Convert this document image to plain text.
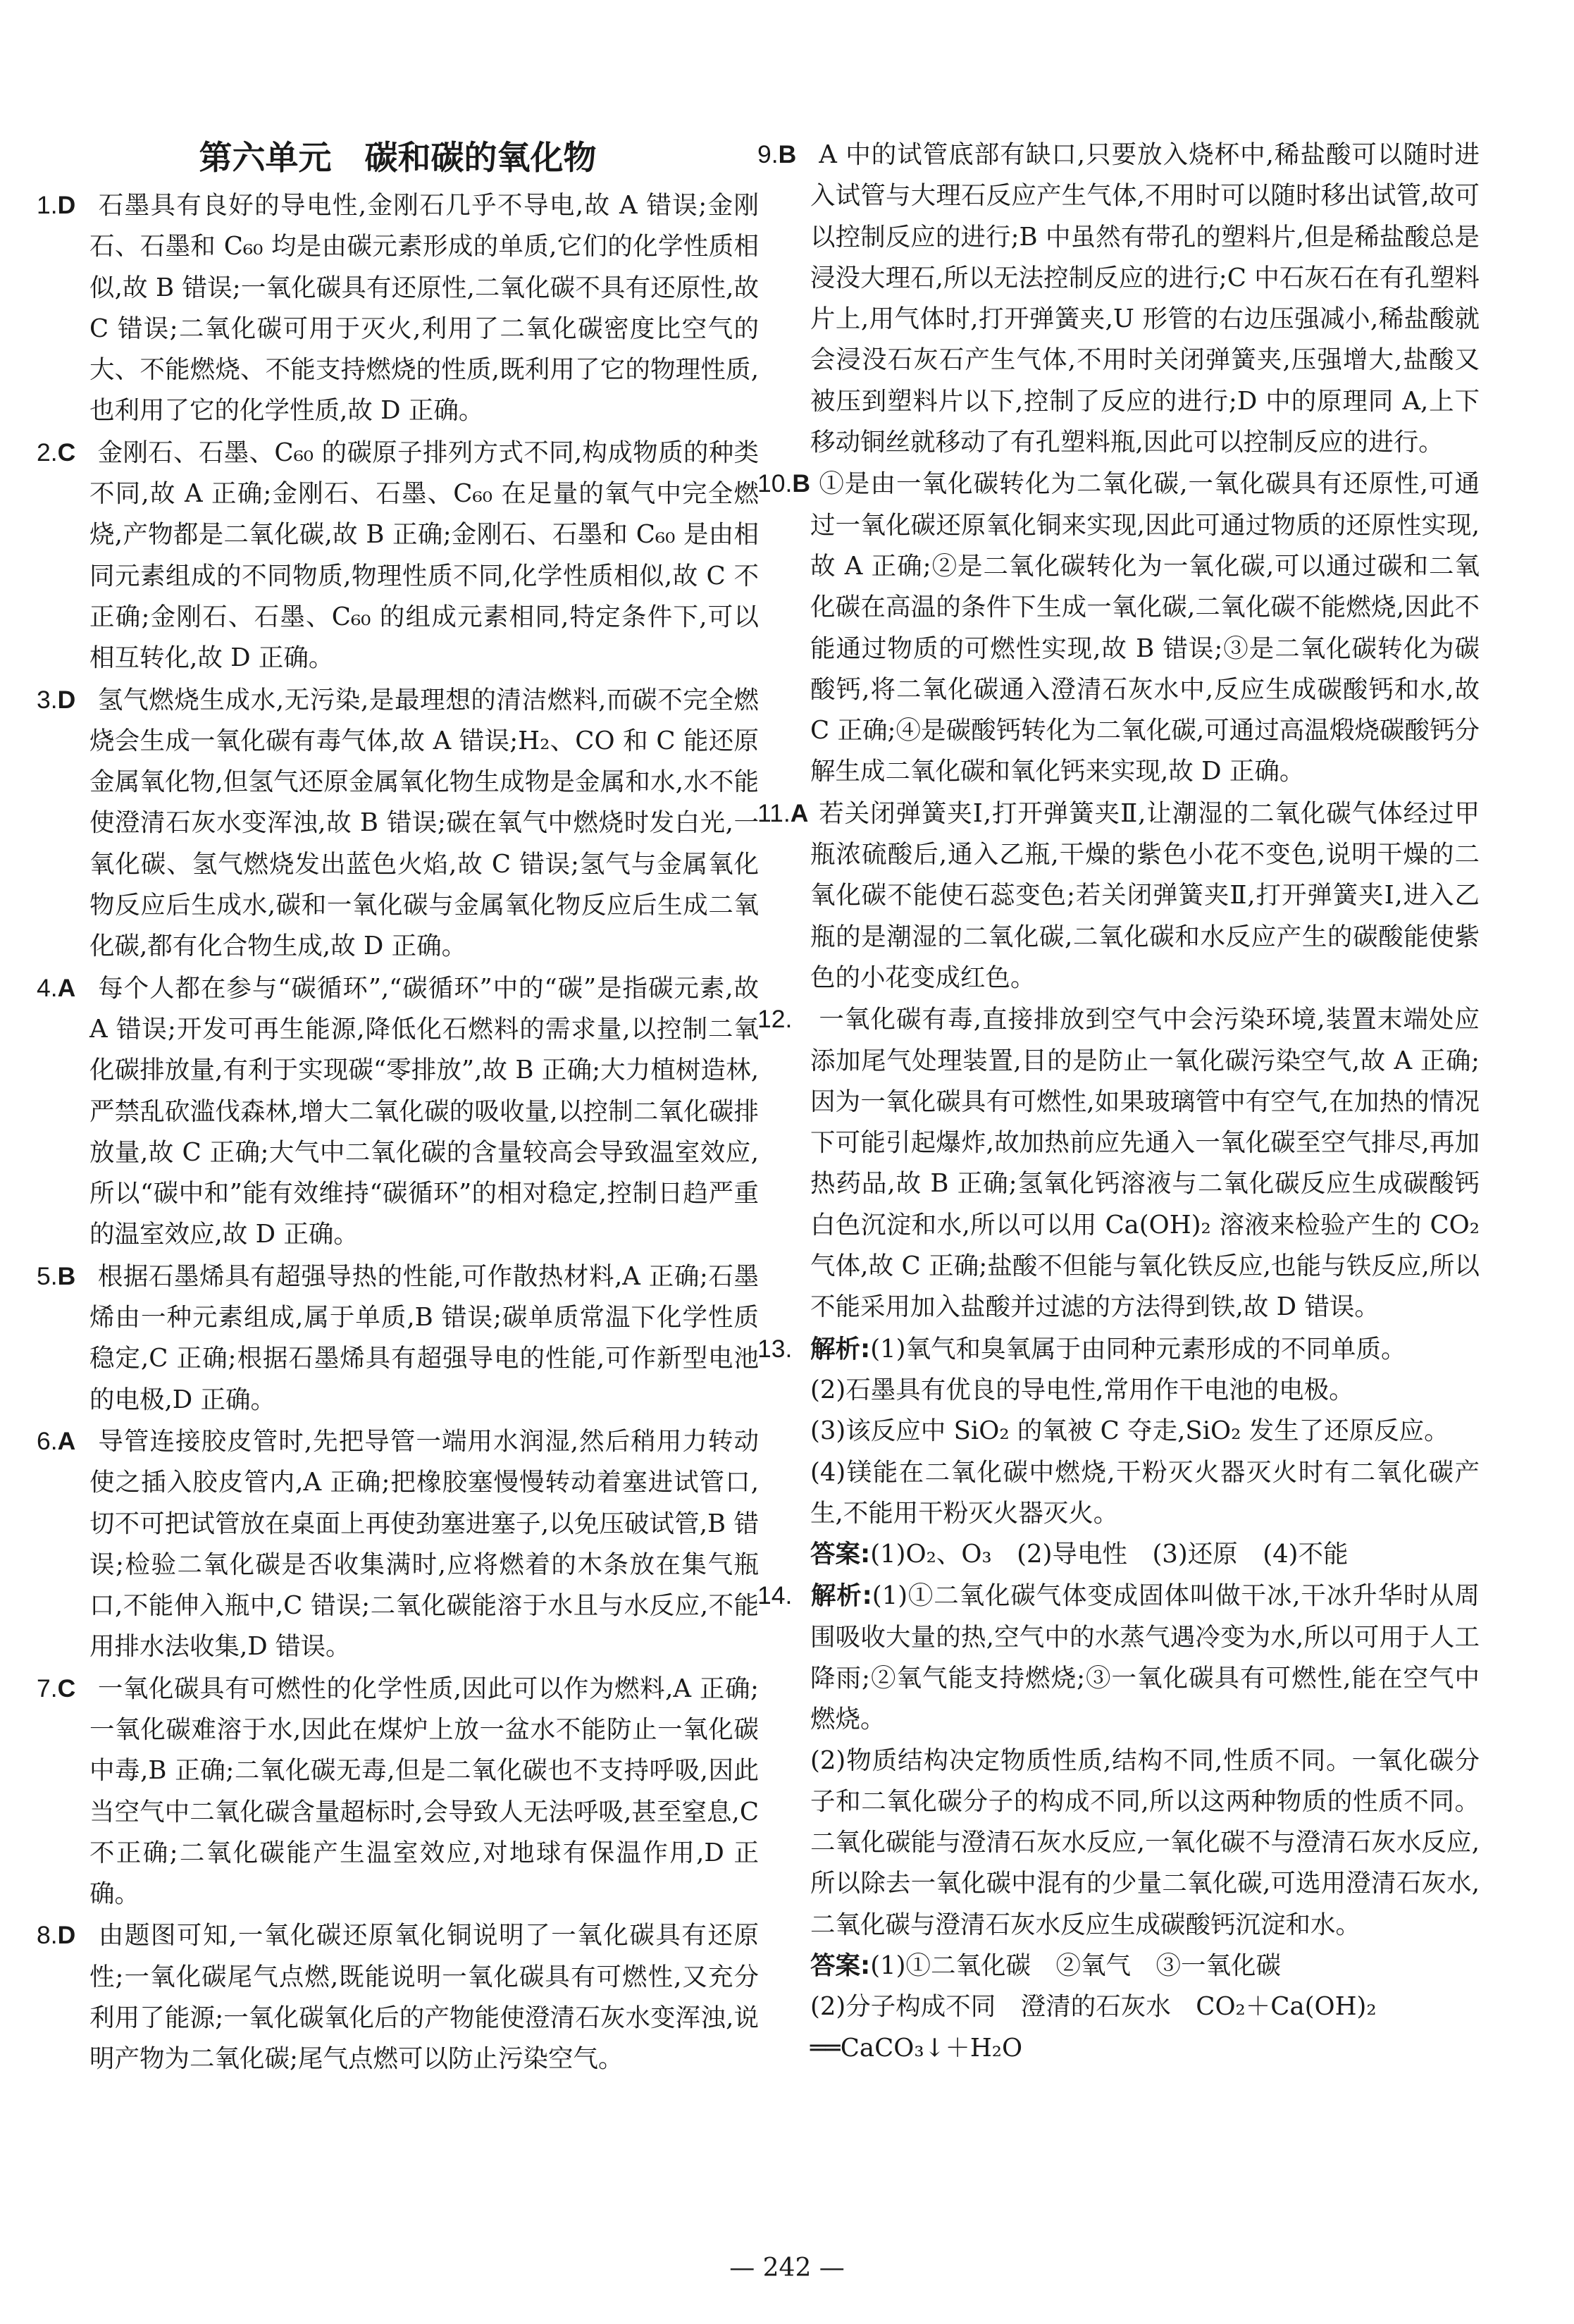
第六单元　碳和碳的氧化物

1.D 石墨具有良好的导电性,金刚石几乎不导电,故 A 错误;金刚石、石墨和 C₆₀ 均是由碳元素形成的单质,它们的化学性质相似,故 B 错误;一氧化碳具有还原性,二氧化碳不具有还原性,故 C 错误;二氧化碳可用于灭火,利用了二氧化碳密度比空气的大、不能燃烧、不能支持燃烧的性质,既利用了它的物理性质,也利用了它的化学性质,故 D 正确。

2.C 金刚石、石墨、C₆₀ 的碳原子排列方式不同,构成物质的种类不同,故 A 正确;金刚石、石墨、C₆₀ 在足量的氧气中完全燃烧,产物都是二氧化碳,故 B 正确;金刚石、石墨和 C₆₀ 是由相同元素组成的不同物质,物理性质不同,化学性质相似,故 C 不正确;金刚石、石墨、C₆₀ 的组成元素相同,特定条件下,可以相互转化,故 D 正确。

3.D 氢气燃烧生成水,无污染,是最理想的清洁燃料,而碳不完全燃烧会生成一氧化碳有毒气体,故 A 错误;H₂、CO 和 C 能还原金属氧化物,但氢气还原金属氧化物生成物是金属和水,水不能使澄清石灰水变浑浊,故 B 错误;碳在氧气中燃烧时发白光,一氧化碳、氢气燃烧发出蓝色火焰,故 C 错误;氢气与金属氧化物反应后生成水,碳和一氧化碳与金属氧化物反应后生成二氧化碳,都有化合物生成,故 D 正确。

4.A 每个人都在参与“碳循环”,“碳循环”中的“碳”是指碳元素,故 A 错误;开发可再生能源,降低化石燃料的需求量,以控制二氧化碳排放量,有利于实现碳“零排放”,故 B 正确;大力植树造林,严禁乱砍滥伐森林,增大二氧化碳的吸收量,以控制二氧化碳排放量,故 C 正确;大气中二氧化碳的含量较高会导致温室效应,所以“碳中和”能有效维持“碳循环”的相对稳定,控制日趋严重的温室效应,故 D 正确。

5.B 根据石墨烯具有超强导热的性能,可作散热材料,A 正确;石墨烯由一种元素组成,属于单质,B 错误;碳单质常温下化学性质稳定,C 正确;根据石墨烯具有超强导电的性能,可作新型电池的电极,D 正确。

6.A 导管连接胶皮管时,先把导管一端用水润湿,然后稍用力转动使之插入胶皮管内,A 正确;把橡胶塞慢慢转动着塞进试管口,切不可把试管放在桌面上再使劲塞进塞子,以免压破试管,B 错误;检验二氧化碳是否收集满时,应将燃着的木条放在集气瓶口,不能伸入瓶中,C 错误;二氧化碳能溶于水且与水反应,不能用排水法收集,D 错误。

7.C 一氧化碳具有可燃性的化学性质,因此可以作为燃料,A 正确;一氧化碳难溶于水,因此在煤炉上放一盆水不能防止一氧化碳中毒,B 正确;二氧化碳无毒,但是二氧化碳也不支持呼吸,因此当空气中二氧化碳含量超标时,会导致人无法呼吸,甚至窒息,C 不正确;二氧化碳能产生温室效应,对地球有保温作用,D 正确。

8.D 由题图可知,一氧化碳还原氧化铜说明了一氧化碳具有还原性;一氧化碳尾气点燃,既能说明一氧化碳具有可燃性,又充分利用了能源;一氧化碳氧化后的产物能使澄清石灰水变浑浊,说明产物为二氧化碳;尾气点燃可以防止污染空气。

9.B A 中的试管底部有缺口,只要放入烧杯中,稀盐酸可以随时进入试管与大理石反应产生气体,不用时可以随时移出试管,故可以控制反应的进行;B 中虽然有带孔的塑料片,但是稀盐酸总是浸没大理石,所以无法控制反应的进行;C 中石灰石在有孔塑料片上,用气体时,打开弹簧夹,U 形管的右边压强减小,稀盐酸就会浸没石灰石产生气体,不用时关闭弹簧夹,压强增大,盐酸又被压到塑料片以下,控制了反应的进行;D 中的原理同 A,上下移动铜丝就移动了有孔塑料瓶,因此可以控制反应的进行。

10.B ①是由一氧化碳转化为二氧化碳,一氧化碳具有还原性,可通过一氧化碳还原氧化铜来实现,因此可通过物质的还原性实现,故 A 正确;②是二氧化碳转化为一氧化碳,可以通过碳和二氧化碳在高温的条件下生成一氧化碳,二氧化碳不能燃烧,因此不能通过物质的可燃性实现,故 B 错误;③是二氧化碳转化为碳酸钙,将二氧化碳通入澄清石灰水中,反应生成碳酸钙和水,故 C 正确;④是碳酸钙转化为二氧化碳,可通过高温煅烧碳酸钙分解生成二氧化碳和氧化钙来实现,故 D 正确。

11.A 若关闭弹簧夹Ⅰ,打开弹簧夹Ⅱ,让潮湿的二氧化碳气体经过甲瓶浓硫酸后,通入乙瓶,干燥的紫色小花不变色,说明干燥的二氧化碳不能使石蕊变色;若关闭弹簧夹Ⅱ,打开弹簧夹Ⅰ,进入乙瓶的是潮湿的二氧化碳,二氧化碳和水反应产生的碳酸能使紫色的小花变成红色。

12. 一氧化碳有毒,直接排放到空气中会污染环境,装置末端处应添加尾气处理装置,目的是防止一氧化碳污染空气,故 A 正确;因为一氧化碳具有可燃性,如果玻璃管中有空气,在加热的情况下可能引起爆炸,故加热前应先通入一氧化碳至空气排尽,再加热药品,故 B 正确;氢氧化钙溶液与二氧化碳反应生成碳酸钙白色沉淀和水,所以可以用 Ca(OH)₂ 溶液来检验产生的 CO₂ 气体,故 C 正确;盐酸不但能与氧化铁反应,也能与铁反应,所以不能采用加入盐酸并过滤的方法得到铁,故 D 错误。

13. 解析:(1)氧气和臭氧属于由同种元素形成的不同单质。

(2)石墨具有优良的导电性,常用作干电池的电极。

(3)该反应中 SiO₂ 的氧被 C 夺走,SiO₂ 发生了还原反应。

(4)镁能在二氧化碳中燃烧,干粉灭火器灭火时有二氧化碳产生,不能用干粉灭火器灭火。

答案:(1)O₂、O₃　(2)导电性　(3)还原　(4)不能

14. 解析:(1)①二氧化碳气体变成固体叫做干冰,干冰升华时从周围吸收大量的热,空气中的水蒸气遇冷变为水,所以可用于人工降雨;②氧气能支持燃烧;③一氧化碳具有可燃性,能在空气中燃烧。

(2)物质结构决定物质性质,结构不同,性质不同。一氧化碳分子和二氧化碳分子的构成不同,所以这两种物质的性质不同。二氧化碳能与澄清石灰水反应,一氧化碳不与澄清石灰水反应,所以除去一氧化碳中混有的少量二氧化碳,可选用澄清石灰水,二氧化碳与澄清石灰水反应生成碳酸钙沉淀和水。

答案:(1)①二氧化碳　②氧气　③一氧化碳

(2)分子构成不同　澄清的石灰水　CO₂＋Ca(OH)₂

══CaCO₃↓＋H₂O

— 242 —
